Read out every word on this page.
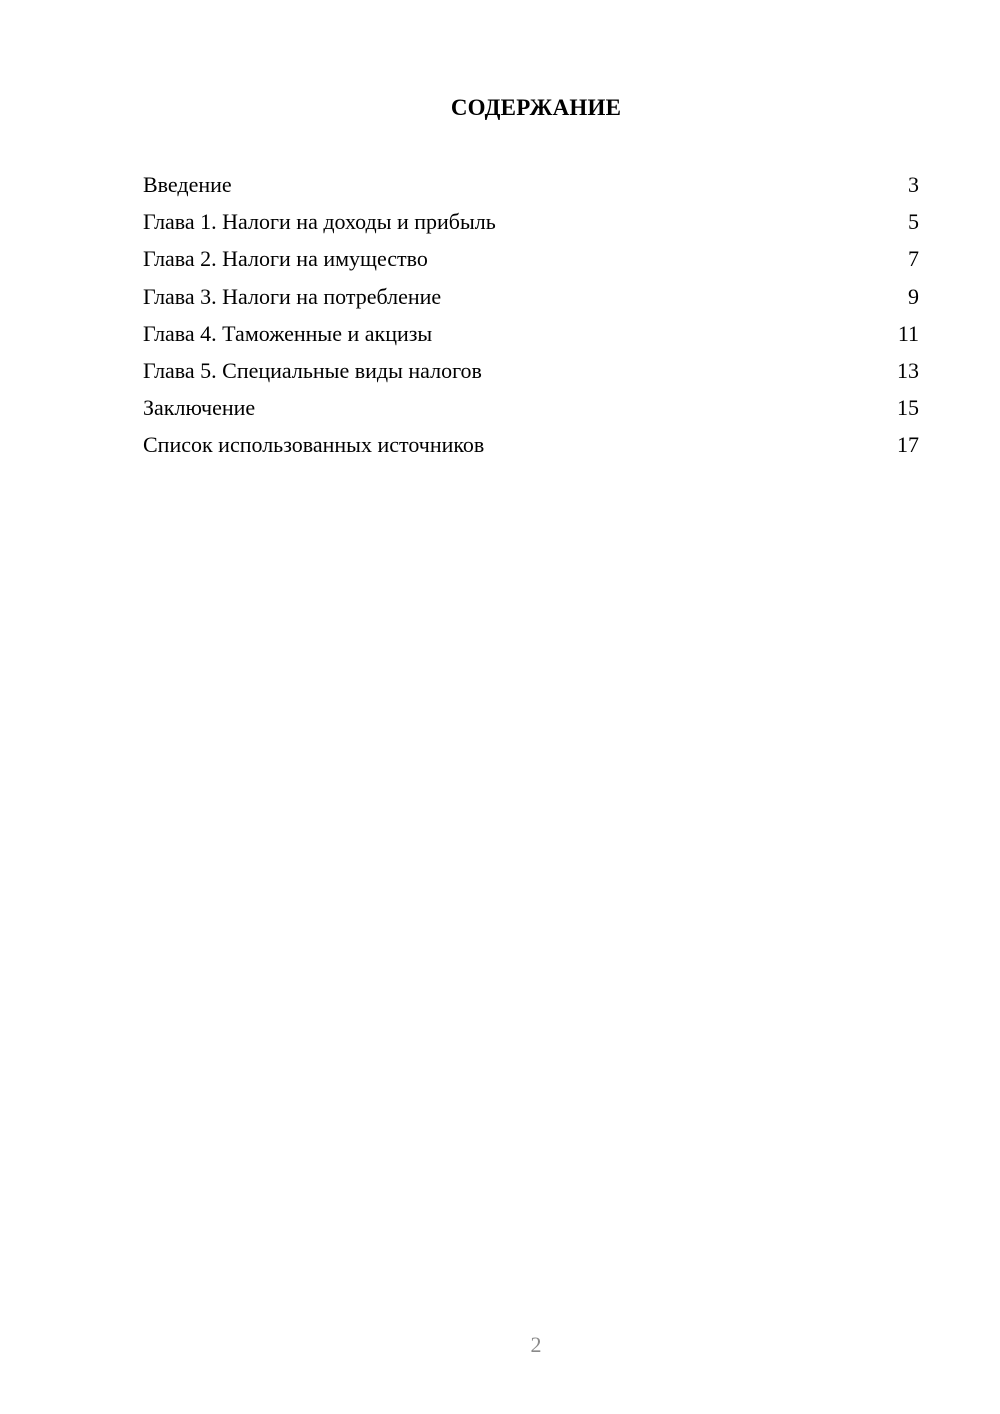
СОДЕРЖАНИЕ
Введение	3
Глава 1. Налоги на доходы и прибыль	5
Глава 2. Налоги на имущество	7
Глава 3. Налоги на потребление	9
Глава 4. Таможенные и акцизы	11
Глава 5. Специальные виды налогов	13
Заключение	15
Список использованных источников	17
2
